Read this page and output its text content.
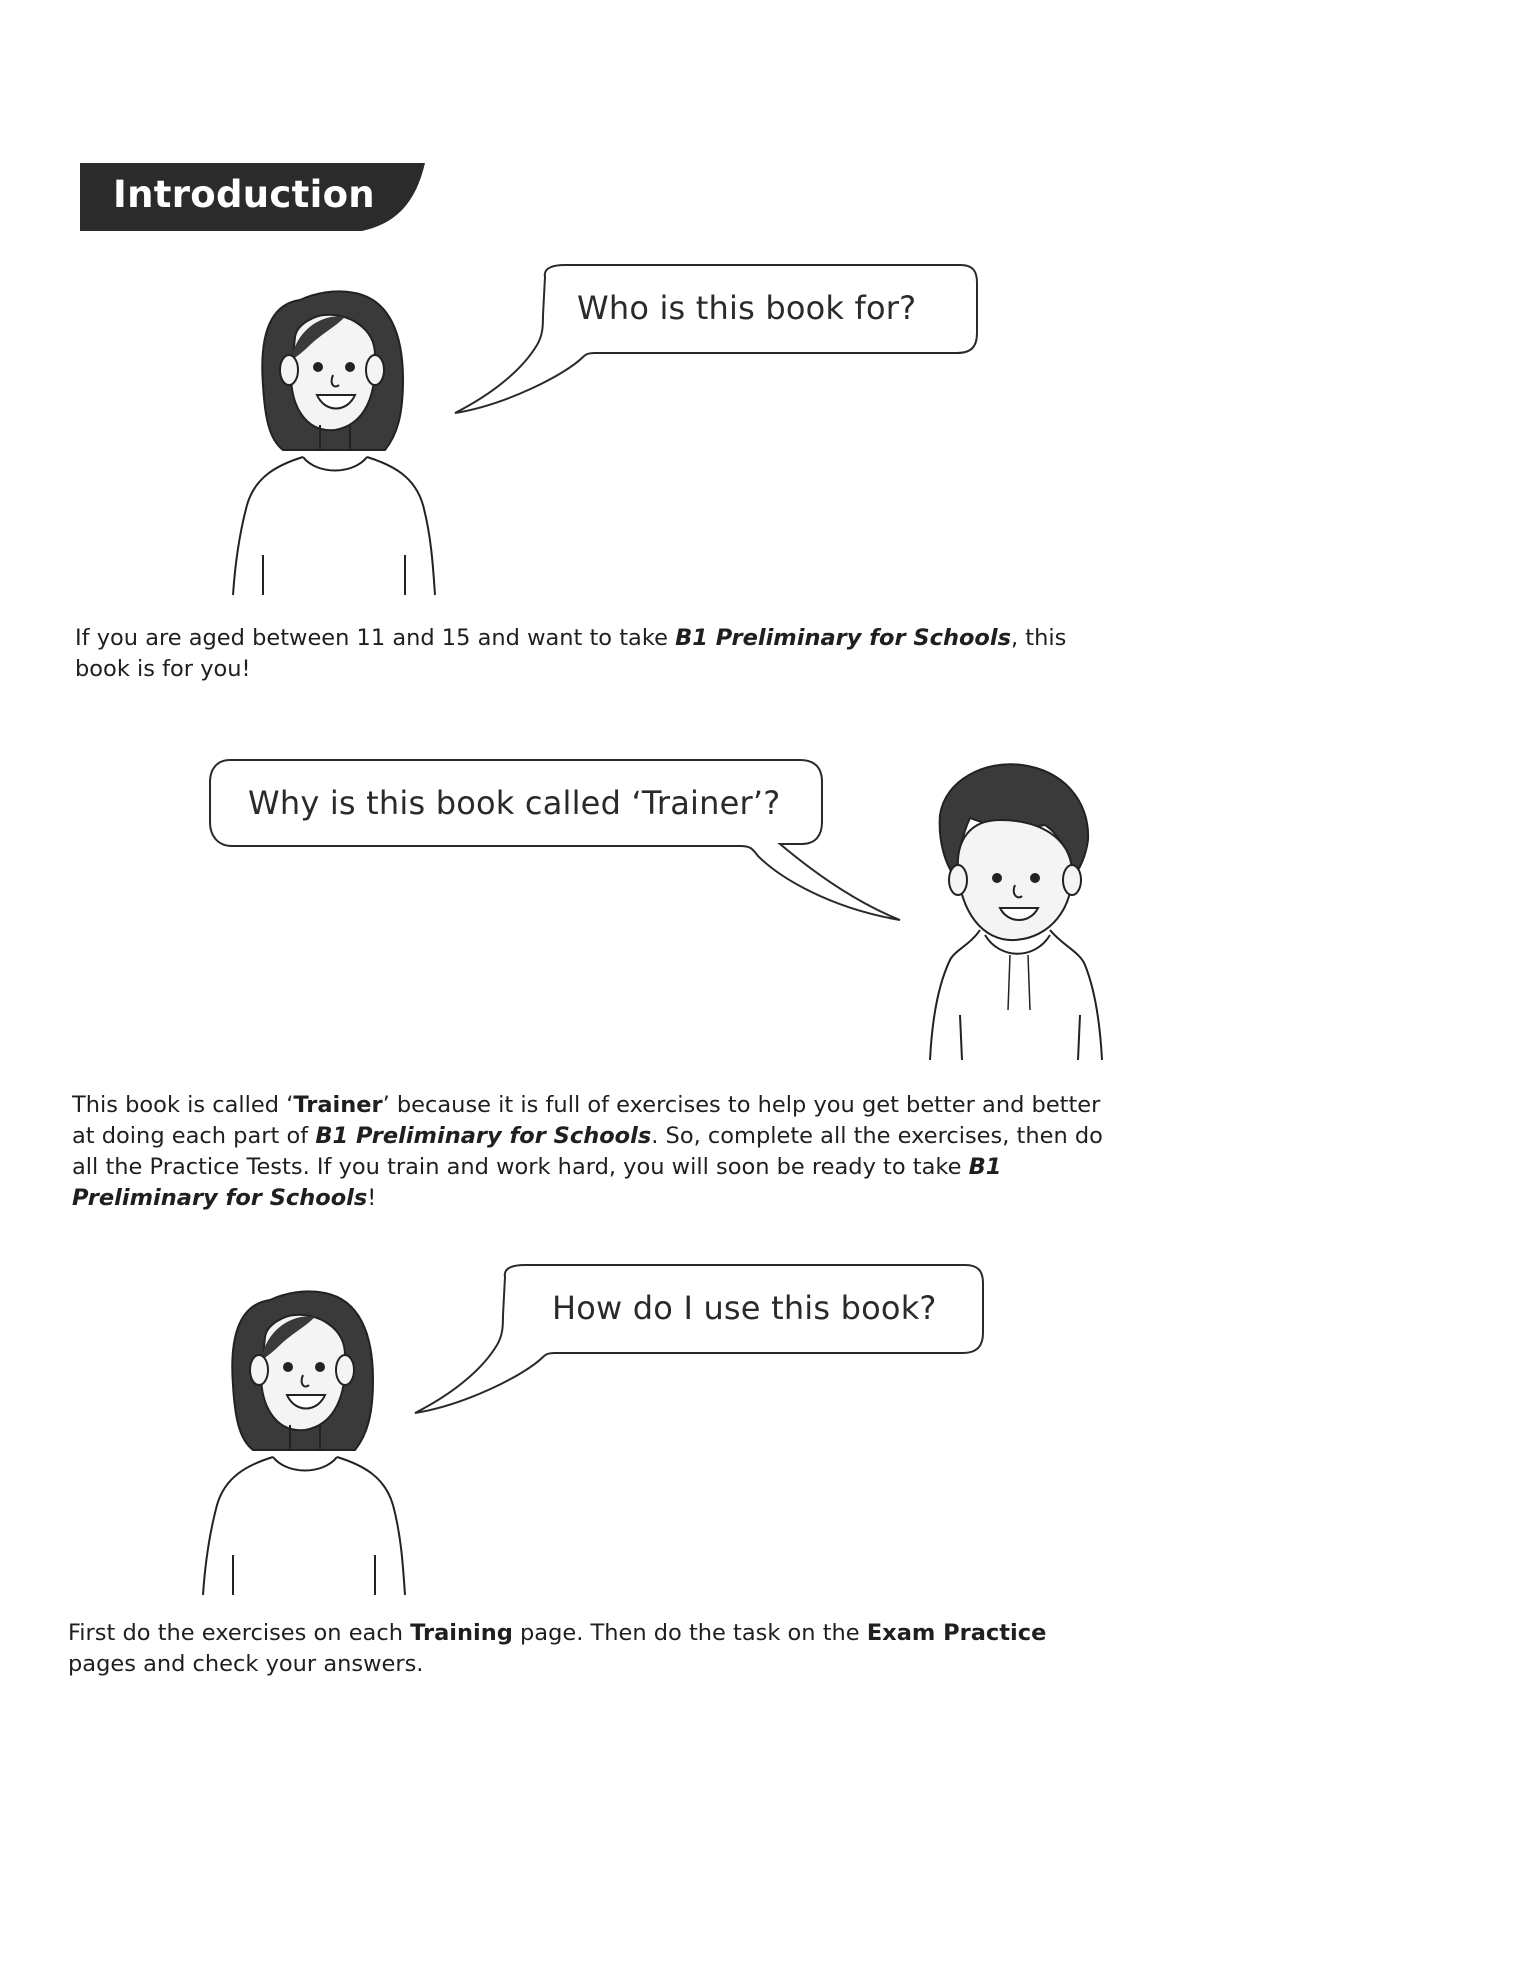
Introduction
Who is this book for?

If you are aged between 11 and 15 and want to take B1 Preliminary for Schools, this book is for you!

Why is this book called ‘Trainer’?

This book is called ‘Trainer’ because it is full of exercises to help you get better and better at doing each part of B1 Preliminary for Schools. So, complete all the exercises, then do all the Practice Tests. If you train and work hard, you will soon be ready to take B1 Preliminary for Schools!

How do I use this book?

First do the exercises on each Training page. Then do the task on the Exam Practice pages and check your answers.
